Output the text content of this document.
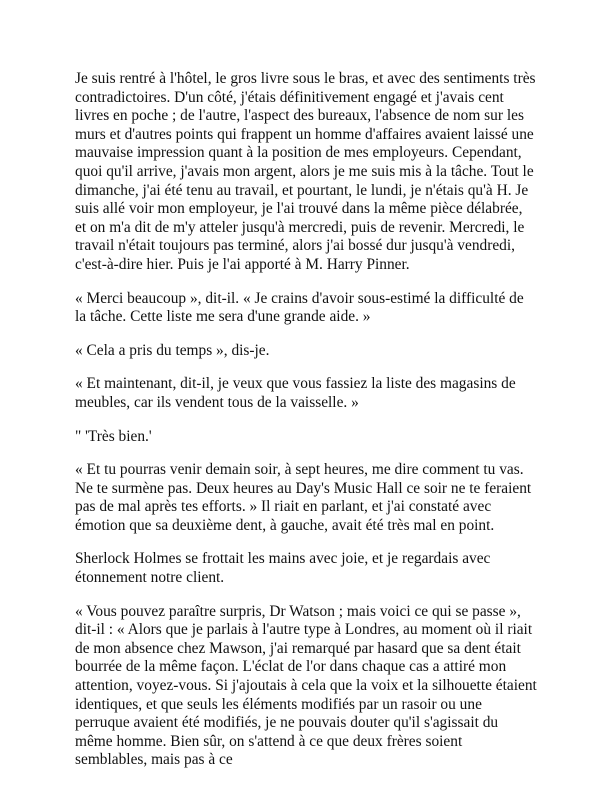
Je suis rentré à l'hôtel, le gros livre sous le bras, et avec des sentiments très contradictoires. D'un côté, j'étais définitivement engagé et j'avais cent livres en poche ; de l'autre, l'aspect des bureaux, l'absence de nom sur les murs et d'autres points qui frappent un homme d'affaires avaient laissé une mauvaise impression quant à la position de mes employeurs. Cependant, quoi qu'il arrive, j'avais mon argent, alors je me suis mis à la tâche. Tout le dimanche, j'ai été tenu au travail, et pourtant, le lundi, je n'étais qu'à H. Je suis allé voir mon employeur, je l'ai trouvé dans la même pièce délabrée, et on m'a dit de m'y atteler jusqu'à mercredi, puis de revenir. Mercredi, le travail n'était toujours pas terminé, alors j'ai bossé dur jusqu'à vendredi, c'est-à-dire hier. Puis je l'ai apporté à M. Harry Pinner.

« Merci beaucoup », dit-il. « Je crains d'avoir sous-estimé la difficulté de la tâche. Cette liste me sera d'une grande aide. »

« Cela a pris du temps », dis-je.

« Et maintenant, dit-il, je veux que vous fassiez la liste des magasins de meubles, car ils vendent tous de la vaisselle. »

" 'Très bien.'

« Et tu pourras venir demain soir, à sept heures, me dire comment tu vas. Ne te surmène pas. Deux heures au Day's Music Hall ce soir ne te feraient pas de mal après tes efforts. » Il riait en parlant, et j'ai constaté avec émotion que sa deuxième dent, à gauche, avait été très mal en point.

Sherlock Holmes se frottait les mains avec joie, et je regardais avec étonnement notre client.

« Vous pouvez paraître surpris, Dr Watson ; mais voici ce qui se passe », dit-il : « Alors que je parlais à l'autre type à Londres, au moment où il riait de mon absence chez Mawson, j'ai remarqué par hasard que sa dent était bourrée de la même façon. L'éclat de l'or dans chaque cas a attiré mon attention, voyez-vous. Si j'ajoutais à cela que la voix et la silhouette étaient identiques, et que seuls les éléments modifiés par un rasoir ou une perruque avaient été modifiés, je ne pouvais douter qu'il s'agissait du même homme. Bien sûr, on s'attend à ce que deux frères soient semblables, mais pas à ce
